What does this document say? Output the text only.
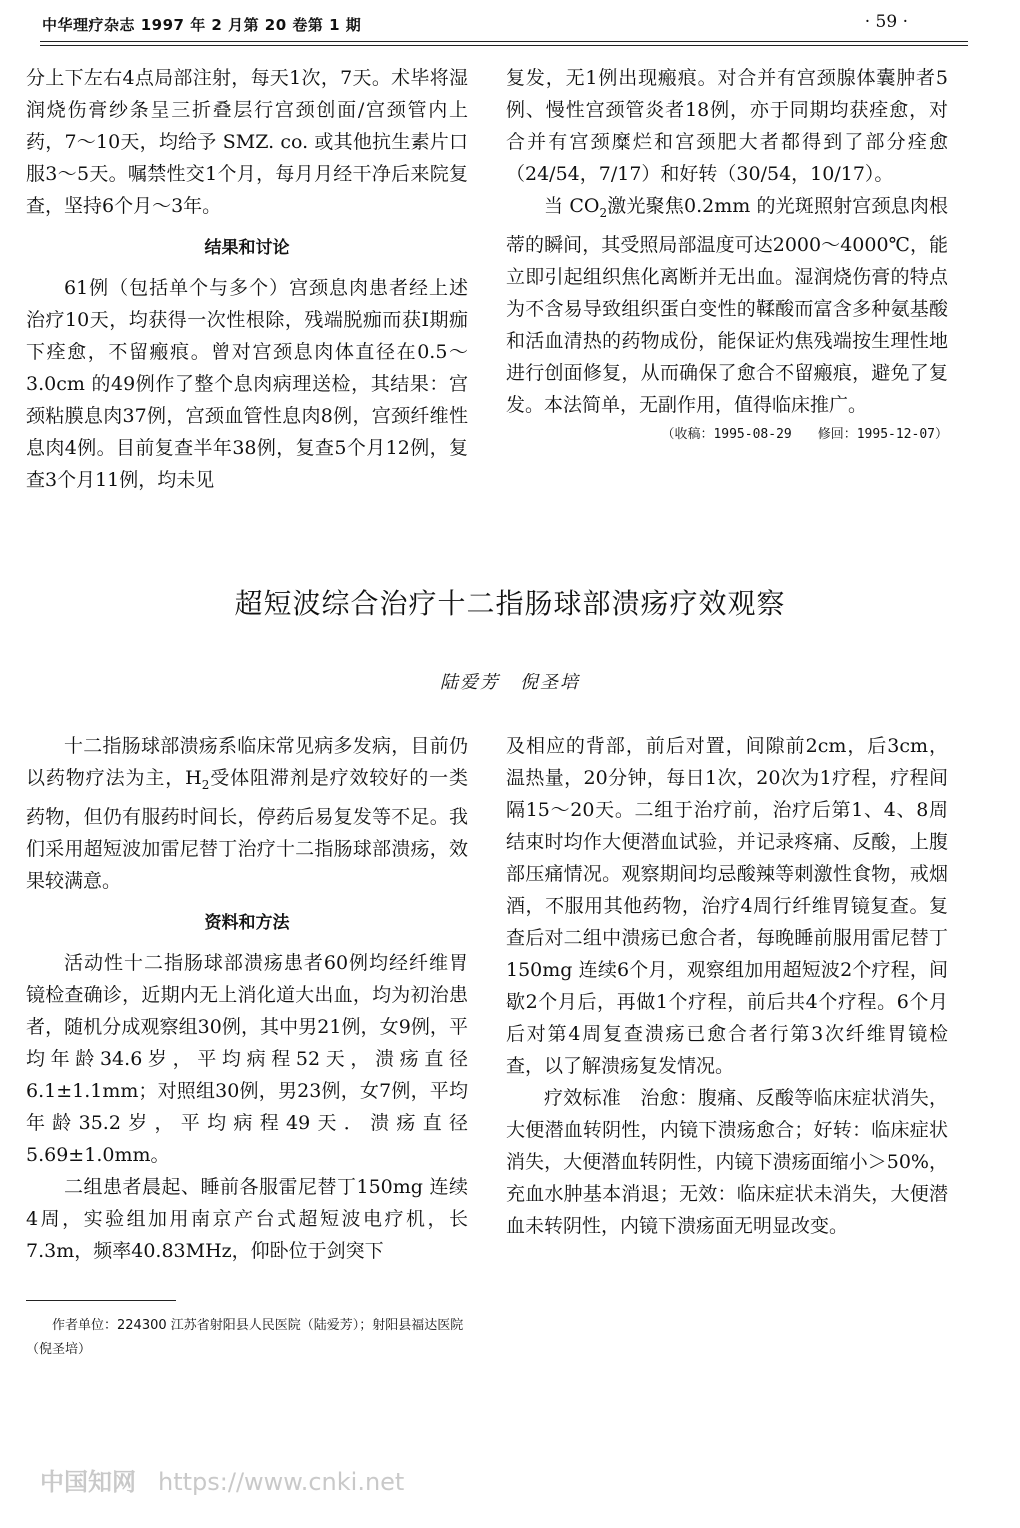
中华理疗杂志 1997 年 2 月第 20 卷第 1 期	· 59 ·

分上下左右4点局部注射，每天1次，7天。术毕将湿润烧伤膏纱条呈三折叠层行宫颈创面/宫颈管内上药，7～10天，均给予 SMZ. co. 或其他抗生素片口服3～5天。嘱禁性交1个月，每月月经干净后来院复查，坚持6个月～3年。

结果和讨论

61例（包括单个与多个）宫颈息肉患者经上述治疗10天，均获得一次性根除，残端脱痂而获Ⅰ期痂下痊愈，不留瘢痕。曾对宫颈息肉体直径在0.5～3.0cm 的49例作了整个息肉病理送检，其结果：宫颈粘膜息肉37例，宫颈血管性息肉8例，宫颈纤维性息肉4例。目前复查半年38例，复查5个月12例，复查3个月11例，均未见

复发，无1例出现瘢痕。对合并有宫颈腺体囊肿者5例、慢性宫颈管炎者18例，亦于同期均获痊愈，对合并有宫颈糜烂和宫颈肥大者都得到了部分痊愈（24/54，7/17）和好转（30/54，10/17）。

当 $CO_2$激光聚焦0.2mm 的光斑照射宫颈息肉根蒂的瞬间，其受照局部温度可达2000～4000℃，能立即引起组织焦化离断并无出血。湿润烧伤膏的特点为不含易导致组织蛋白变性的鞣酸而富含多种氨基酸和活血清热的药物成份，能保证灼焦残端按生理性地进行创面修复，从而确保了愈合不留瘢痕，避免了复发。本法简单，无副作用，值得临床推广。

（收稿：1995-08-29　　修回：1995-12-07）

超短波综合治疗十二指肠球部溃疡疗效观察
陆爱芳　倪圣培

十二指肠球部溃疡系临床常见病多发病，目前仍以药物疗法为主，$H_2$受体阻滞剂是疗效较好的一类药物，但仍有服药时间长，停药后易复发等不足。我们采用超短波加雷尼替丁治疗十二指肠球部溃疡，效果较满意。

资料和方法

活动性十二指肠球部溃疡患者60例均经纤维胃镜检查确诊，近期内无上消化道大出血，均为初治患者，随机分成观察组30例，其中男21例，女9例，平均年龄34.6岁，平均病程52天，溃疡直径6.1±1.1mm；对照组30例，男23例，女7例，平均年龄35.2岁，平均病程49天．溃疡直径5.69±1.0mm。

二组患者晨起、睡前各服雷尼替丁150mg 连续4周，实验组加用南京产台式超短波电疗机，长7.3m，频率40.83MHz，仰卧位于剑突下

及相应的背部，前后对置，间隙前2cm，后3cm，温热量，20分钟，每日1次，20次为1疗程，疗程间隔15～20天。二组于治疗前，治疗后第1、4、8周结束时均作大便潜血试验，并记录疼痛、反酸，上腹部压痛情况。观察期间均忌酸辣等刺激性食物，戒烟酒，不服用其他药物，治疗4周行纤维胃镜复查。复查后对二组中溃疡已愈合者，每晚睡前服用雷尼替丁150mg 连续6个月，观察组加用超短波2个疗程，间歇2个月后，再做1个疗程，前后共4个疗程。6个月后对第4周复查溃疡已愈合者行第3次纤维胃镜检查，以了解溃疡复发情况。

疗效标准　治愈：腹痛、反酸等临床症状消失，大便潜血转阴性，内镜下溃疡愈合；好转：临床症状消失，大便潜血转阴性，内镜下溃疡面缩小＞50%，充血水肿基本消退；无效：临床症状未消失，大便潜血未转阴性，内镜下溃疡面无明显改变。

作者单位：224300 江苏省射阳县人民医院（陆爱芳）；射阳县福达医院（倪圣培）
中国知网 https://www.cnki.net
